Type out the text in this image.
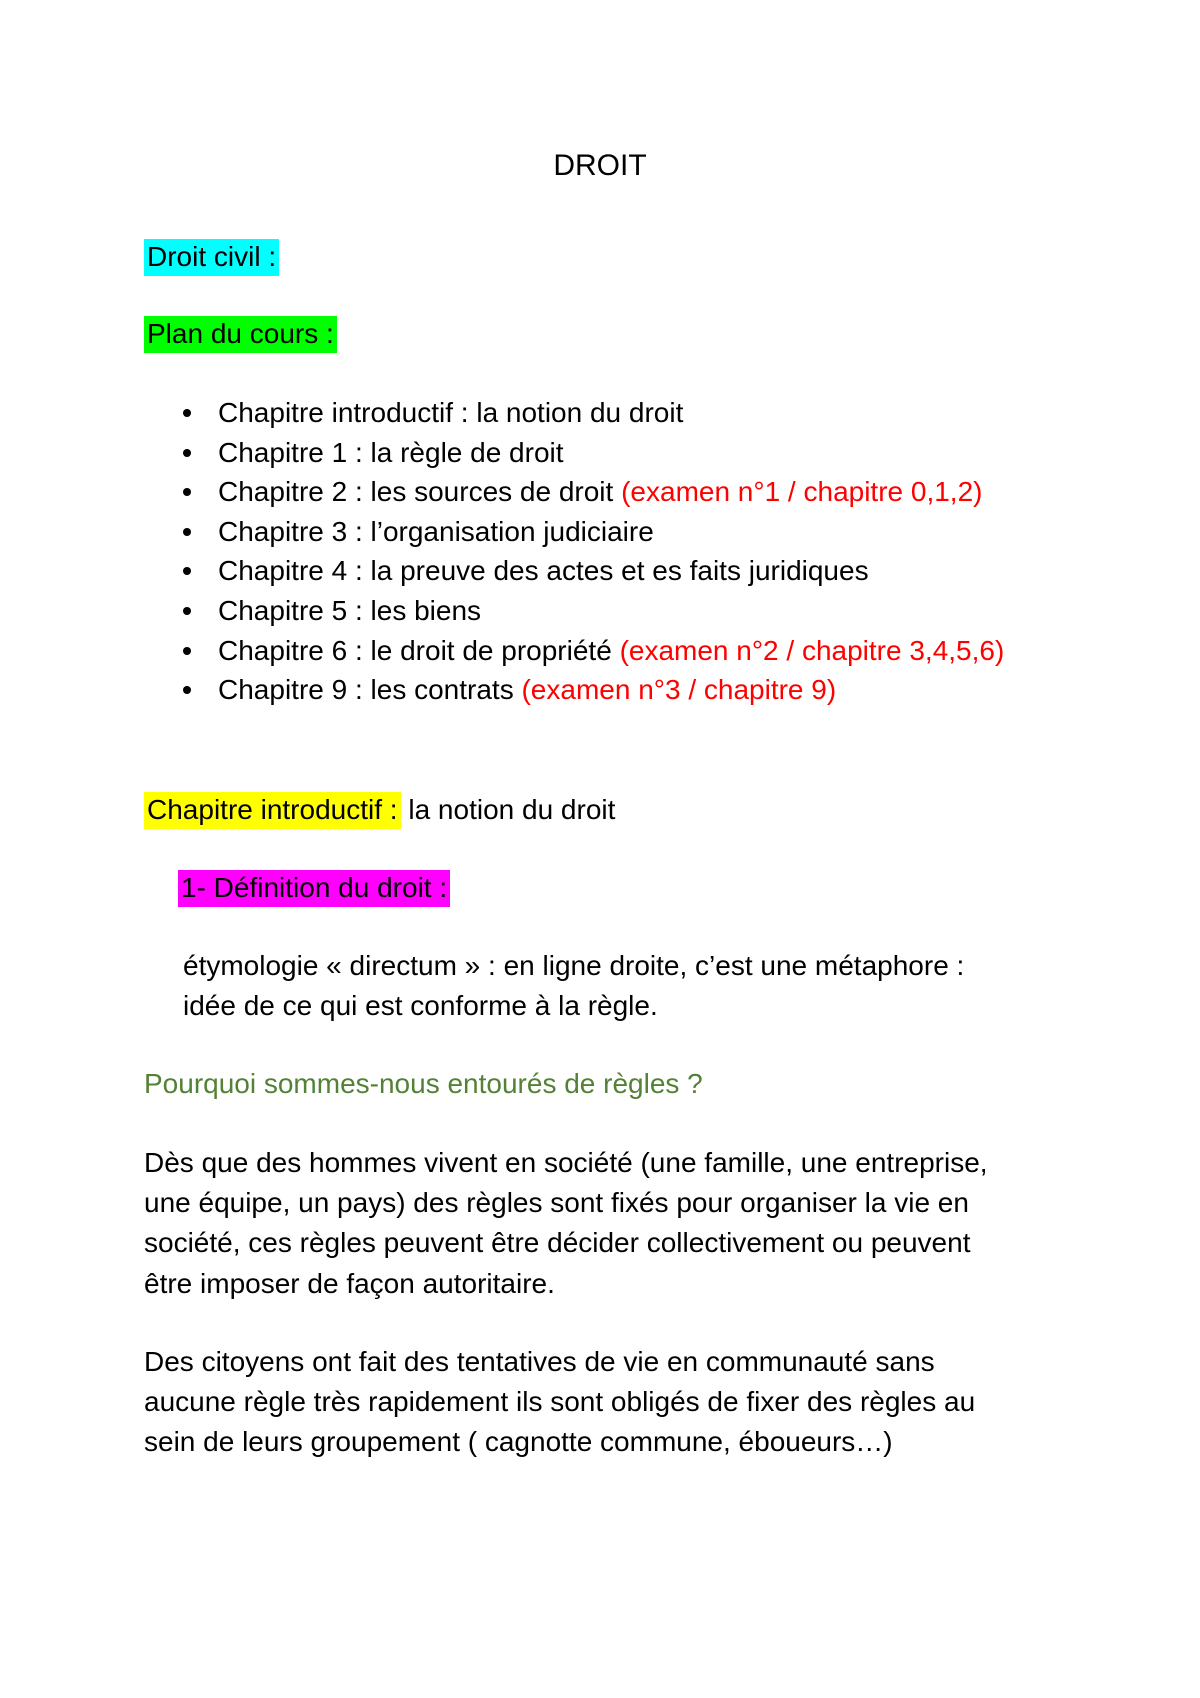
DROIT

Droit civil :

Plan du cours :

Chapitre introductif : la notion du droit
Chapitre 1 : la règle de droit
Chapitre 2 : les sources de droit (examen n°1 / chapitre 0,1,2)
Chapitre 3 : l’organisation judiciaire
Chapitre 4 : la preuve des actes et es faits juridiques
Chapitre 5 : les biens
Chapitre 6 : le droit de propriété (examen n°2 / chapitre 3,4,5,6)
Chapitre 9 : les contrats (examen n°3 / chapitre 9)

Chapitre introductif : la notion du droit

1- Définition du droit :

étymologie « directum » : en ligne droite, c’est une métaphore :
idée de ce qui est conforme à la règle.

Pourquoi sommes-nous entourés de règles ?

Dès que des hommes vivent en société (une famille, une entreprise,
une équipe, un pays) des règles sont fixés pour organiser la vie en
société, ces règles peuvent être décider collectivement ou peuvent
être imposer de façon autoritaire.
Des citoyens ont fait des tentatives de vie en communauté sans
aucune règle très rapidement ils sont obligés de fixer des règles au
sein de leurs groupement ( cagnotte commune, éboueurs…)
